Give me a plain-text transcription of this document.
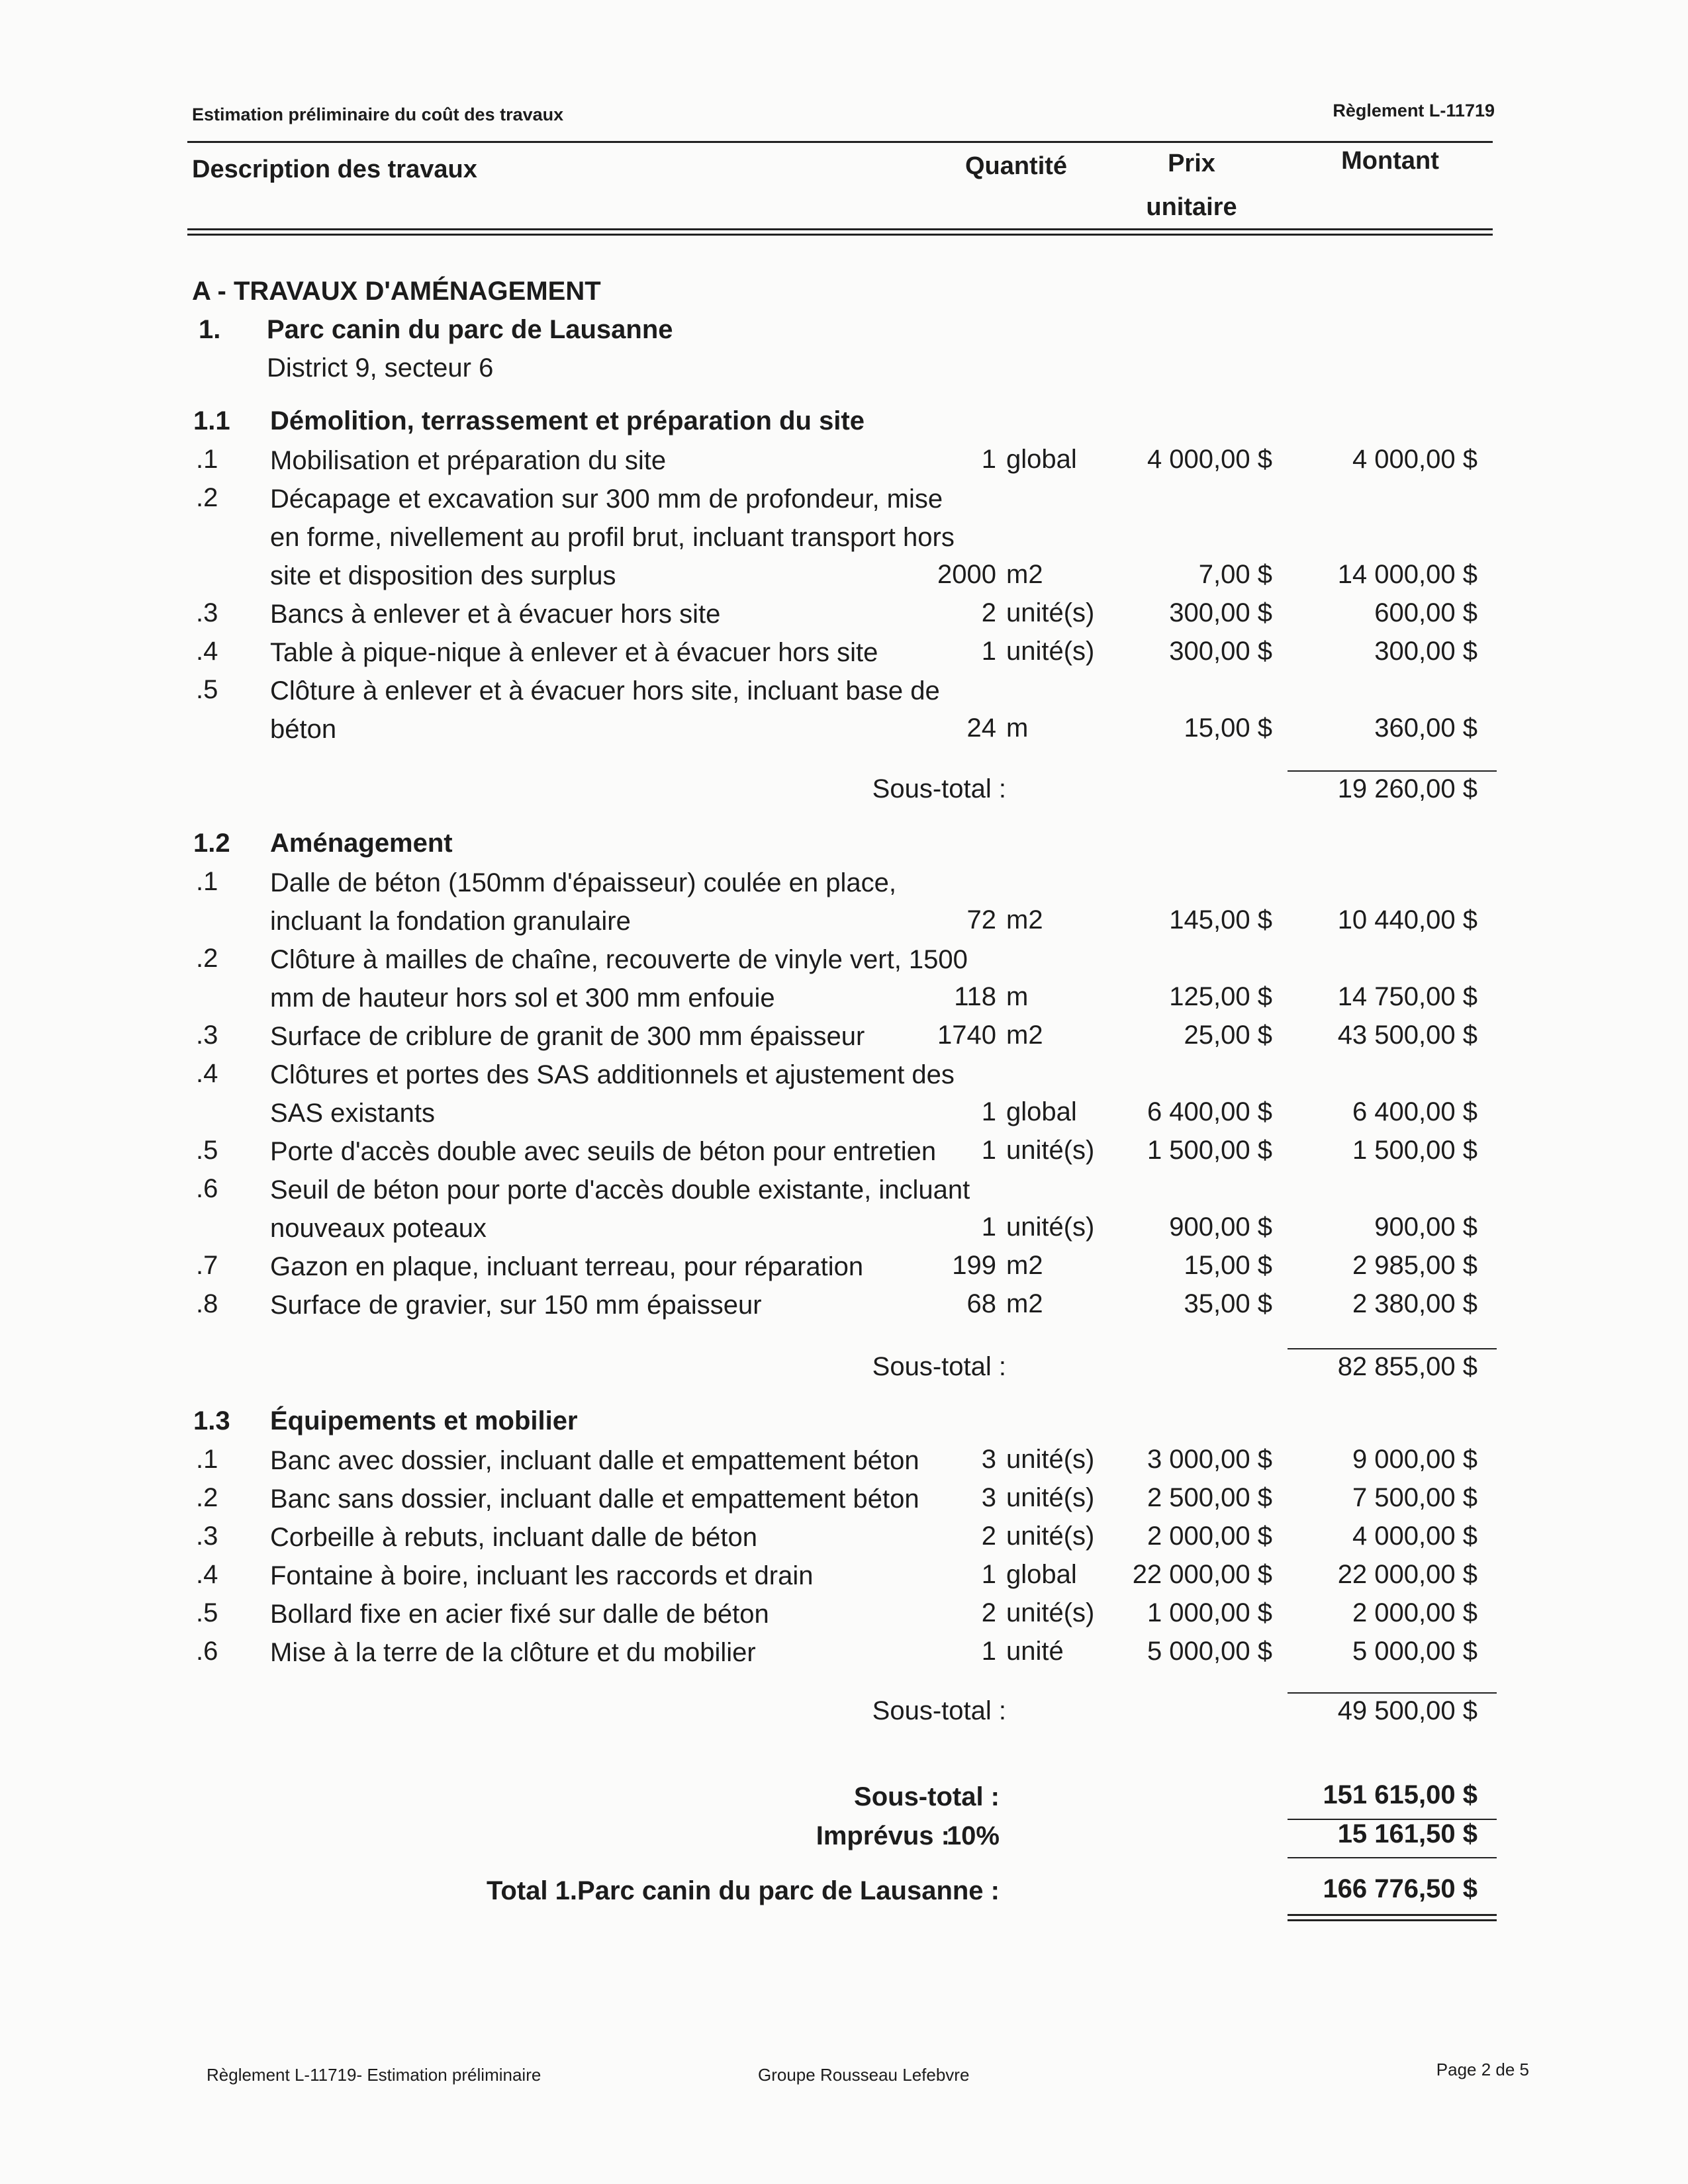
Estimation préliminaire du coût des travaux	Règlement L-11719
Description des travaux	Quantité	Prix
unitaire
Montant
A - TRAVAUX D'AMÉNAGEMENT
1. Parc canin du parc de Lausanne
District 9, secteur 6
1.1 Démolition, terrassement et préparation du site
.1 Mobilisation et préparation du site	1 global	4 000,00 $	4 000,00 $
.2 Décapage et excavation sur 300 mm de profondeur, mise
en forme, nivellement au profil brut, incluant transport hors
site et disposition des surplus	2000 m2	7,00 $ 14 000,00 $
.3 Bancs à enlever et à évacuer hors site	2 unité(s)	300,00 $	600,00 $
.4 Table à pique-nique à enlever et à évacuer hors site	1 unité(s)	300,00 $	300,00 $
.5 Clôture à enlever et à évacuer hors site, incluant base de
béton	24 m	15,00 $	360,00 $
Sous-total :	19 260,00 $
1.2 Aménagement
.1 Dalle de béton (150mm d'épaisseur) coulée en place,
incluant la fondation granulaire	72 m2	145,00 $ 10 440,00 $
.2 Clôture à mailles de chaîne, recouverte de vinyle vert, 1500
mm de hauteur hors sol et 300 mm enfouie	118 m	125,00 $ 14 750,00 $
.3 Surface de criblure de granit de 300 mm épaisseur	1740 m2	25,00 $ 43 500,00 $
.4 Clôtures et portes des SAS additionnels et ajustement des
SAS existants	1 global	6 400,00 $	6 400,00 $
.5 Porte d'accès double avec seuils de béton pour entretien 1 unité(s) 1 500,00 $	1 500,00 $
.6 Seuil de béton pour porte d'accès double existante, incluant
nouveaux poteaux	1 unité(s)	900,00 $	900,00 $
.7 Gazon en plaque, incluant terreau, pour réparation	199 m2	15,00 $	2 985,00 $
.8 Surface de gravier, sur 150 mm épaisseur	68 m2	35,00 $	2 380,00 $
Sous-total :	82 855,00 $
1.3 Équipements et mobilier
.1 Banc avec dossier, incluant dalle et empattement béton 3 unité(s) 3 000,00 $	9 000,00 $
.2 Banc sans dossier, incluant dalle et empattement béton 3 unité(s) 2 500,00 $	7 500,00 $
.3 Corbeille à rebuts, incluant dalle de béton	2 unité(s) 2 000,00 $	4 000,00 $
.4 Fontaine à boire, incluant les raccords et drain	1 global 22 000,00 $ 22 000,00 $
.5 Bollard fixe en acier fixé sur dalle de béton	2 unité(s) 1 000,00 $	2 000,00 $
.6 Mise à la terre de la clôture et du mobilier	1 unité	5 000,00 $	5 000,00 $
Sous-total :	49 500,00 $
Sous-total :	151 615,00 $
Imprévus :
10%	15 161,50 $
Total 1.Parc canin du parc de Lausanne :	166 776,50 $
Règlement L-11719- Estimation préliminaire	Groupe Rousseau Lefebvre	Page 2 de 5
